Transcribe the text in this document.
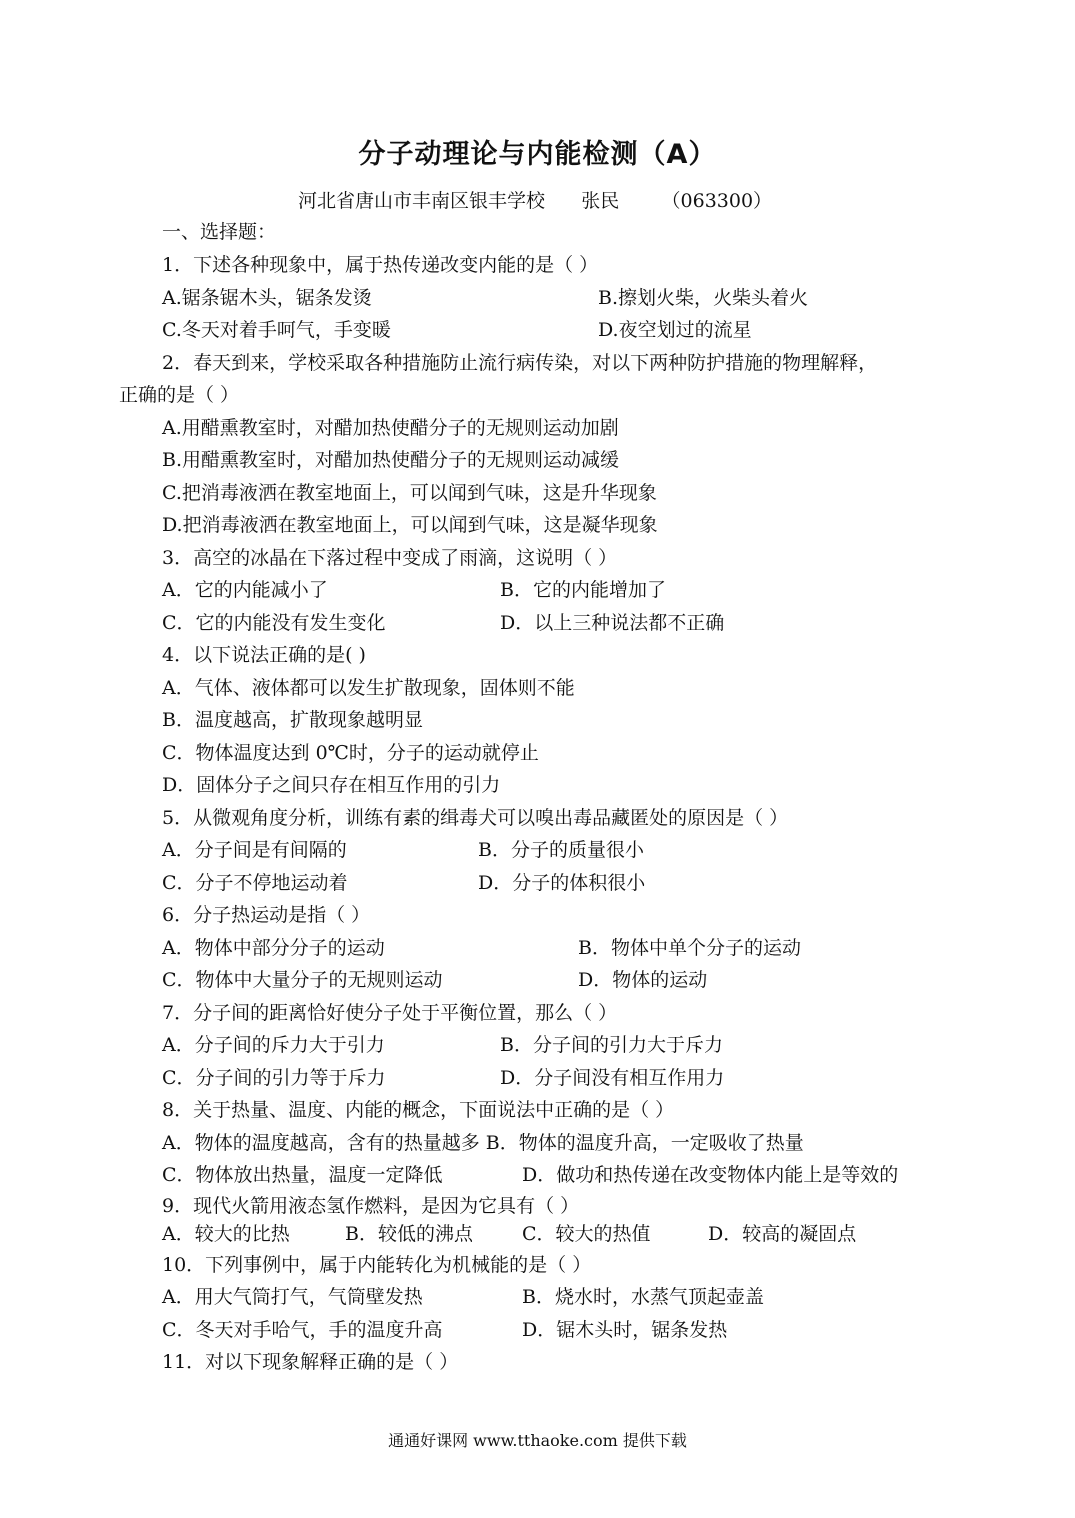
分子动理论与内能检测（A）
河北省唐山市丰南区银丰学校      张民       （063300）
一、选择题：
1．下述各种现象中，属于热传递改变内能的是（ ）
A.锯条锯木头，锯条发烫	B.擦划火柴，火柴头着火
C.冬天对着手呵气，手变暖	D.夜空划过的流星
2．春天到来，学校采取各种措施防止流行病传染，对以下两种防护措施的物理解释，
正确的是（ ）
A.用醋熏教室时，对醋加热使醋分子的无规则运动加剧
B.用醋熏教室时，对醋加热使醋分子的无规则运动减缓
C.把消毒液洒在教室地面上，可以闻到气味，这是升华现象
D.把消毒液洒在教室地面上，可以闻到气味，这是凝华现象
3．高空的冰晶在下落过程中变成了雨滴，这说明（ ）
A．它的内能减小了	B．它的内能增加了
C．它的内能没有发生变化	D．以上三种说法都不正确
4．以下说法正确的是( )
A．气体、液体都可以发生扩散现象，固体则不能
B．温度越高，扩散现象越明显
C．物体温度达到 0℃时，分子的运动就停止
D．固体分子之间只存在相互作用的引力
5．从微观角度分析，训练有素的缉毒犬可以嗅出毒品藏匿处的原因是（ ）
A．分子间是有间隔的	B．分子的质量很小
C．分子不停地运动着	D．分子的体积很小
6．分子热运动是指（ ）
A．物体中部分分子的运动	B．物体中单个分子的运动
C．物体中大量分子的无规则运动	D．物体的运动
7．分子间的距离恰好使分子处于平衡位置，那么（ ）
A．分子间的斥力大于引力	B．分子间的引力大于斥力
C．分子间的引力等于斥力	D．分子间没有相互作用力
8．关于热量、温度、内能的概念，下面说法中正确的是（ ）
A．物体的温度越高，含有的热量越多 B．物体的温度升高，一定吸收了热量
C．物体放出热量，温度一定降低	D．做功和热传递在改变物体内能上是等效的
9．现代火箭用液态氢作燃料，是因为它具有（ ）
A．较大的比热	B．较低的沸点	C．较大的热值	D．较高的凝固点
10．下列事例中，属于内能转化为机械能的是（ ）
A．用大气筒打气，气筒壁发热	B．烧水时，水蒸气顶起壶盖
C．冬天对手哈气，手的温度升高	D．锯木头时，锯条发热
11．对以下现象解释正确的是（ ）
通通好课网 www.tthaoke.com 提供下载
